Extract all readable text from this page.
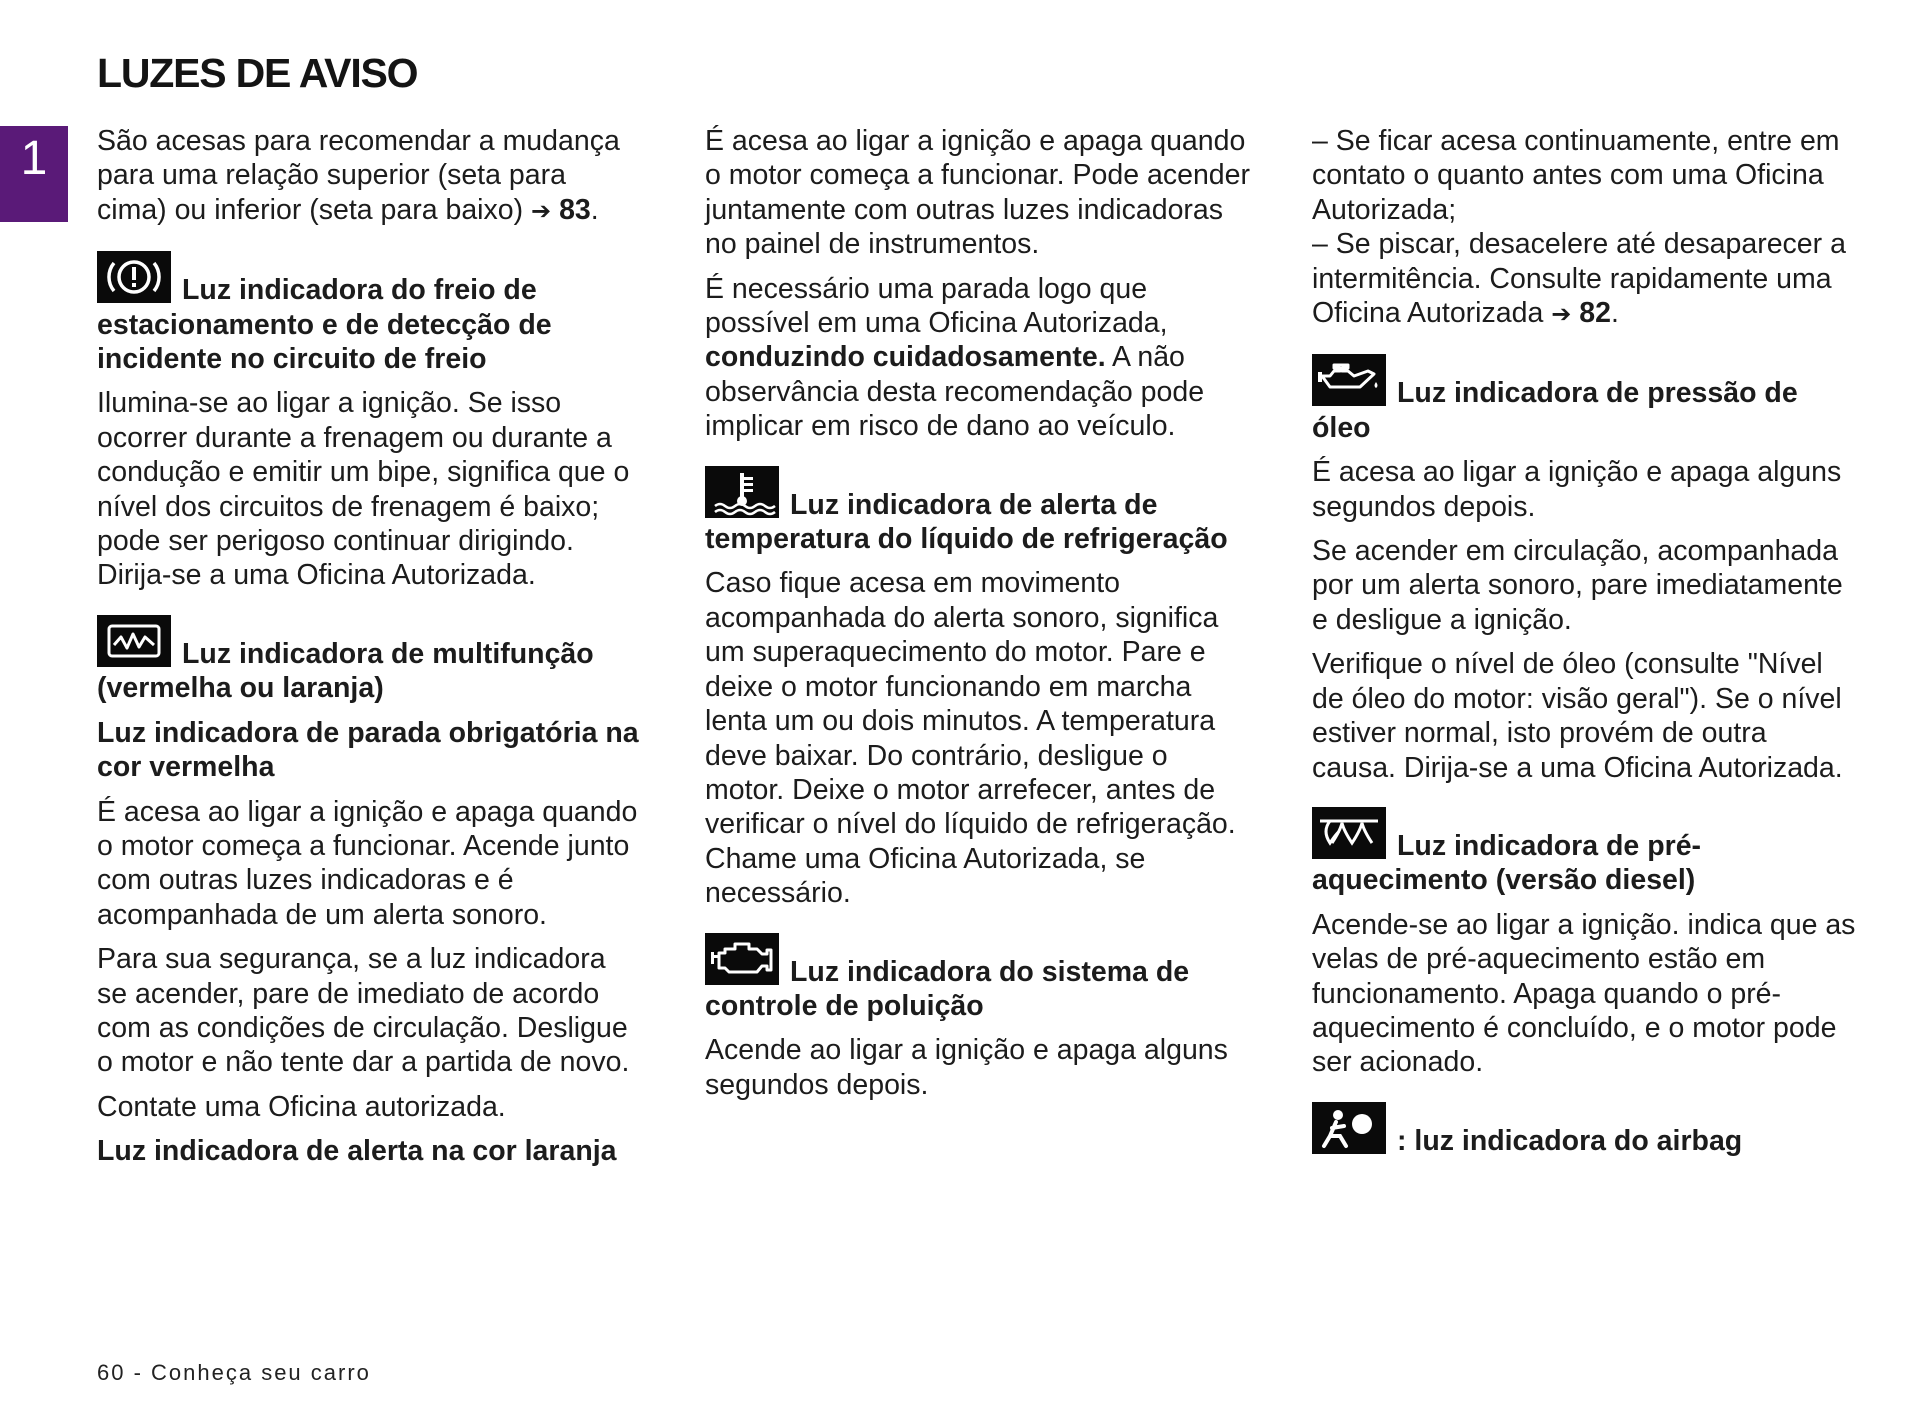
LUZES DE AVISO
1	São acesas para recomendar a mudança para uma relação superior (seta para cima) ou inferior (seta para baixo) ➔ 83.

Luz indicadora do freio de estacionamento e de detecção de incidente no circuito de freio

Ilumina-se ao ligar a ignição. Se isso ocorrer durante a frenagem ou durante a condução e emitir um bipe, significa que o nível dos circuitos de frenagem é baixo; pode ser perigoso continuar dirigindo. Dirija-se a uma Oficina Autorizada.

Luz indicadora de multifunção (vermelha ou laranja)
Luz indicadora de parada obrigatória na cor vermelha

É acesa ao ligar a ignição e apaga quando o motor começa a funcionar. Acende junto com outras luzes indicadoras e é acompanhada de um alerta sonoro.

Para sua segurança, se a luz indicadora se acender, pare de imediato de acordo com as condições de circulação. Desligue o motor e não tente dar a partida de novo.

Contate uma Oficina autorizada.

Luz indicadora de alerta na cor laranja

É acesa ao ligar a ignição e apaga quando o motor começa a funcionar. Pode acender juntamente com outras luzes indicadoras no painel de instrumentos.

É necessário uma parada logo que possível em uma Oficina Autorizada, conduzindo cuidadosamente. A não observância desta recomendação pode implicar em risco de dano ao veículo.

Luz indicadora de alerta de temperatura do líquido de refrigeração

Caso fique acesa em movimento acompanhada do alerta sonoro, significa um superaquecimento do motor. Pare e deixe o motor funcionando em marcha lenta um ou dois minutos. A temperatura deve baixar. Do contrário, desligue o motor. Deixe o motor arrefecer, antes de verificar o nível do líquido de refrigeração. Chame uma Oficina Autorizada, se necessário.

Luz indicadora do sistema de controle de poluição

Acende ao ligar a ignição e apaga alguns segundos depois.

– Se ficar acesa continuamente, entre em contato o quanto antes com uma Oficina Autorizada;

– Se piscar, desacelere até desaparecer a intermitência. Consulte rapidamente uma Oficina Autorizada ➔ 82.

Luz indicadora de pressão de óleo

É acesa ao ligar a ignição e apaga alguns segundos depois.

Se acender em circulação, acompanhada por um alerta sonoro, pare imediatamente e desligue a ignição.

Verifique o nível de óleo (consulte "Nível de óleo do motor: visão geral"). Se o nível estiver normal, isto provém de outra causa. Dirija-se a uma Oficina Autorizada.

Luz indicadora de pré-aquecimento (versão diesel)

Acende-se ao ligar a ignição. indica que as velas de pré-aquecimento estão em funcionamento. Apaga quando o pré-aquecimento é concluído, e o motor pode ser acionado.

: luz indicadora do airbag
60 - Conheça seu carro
